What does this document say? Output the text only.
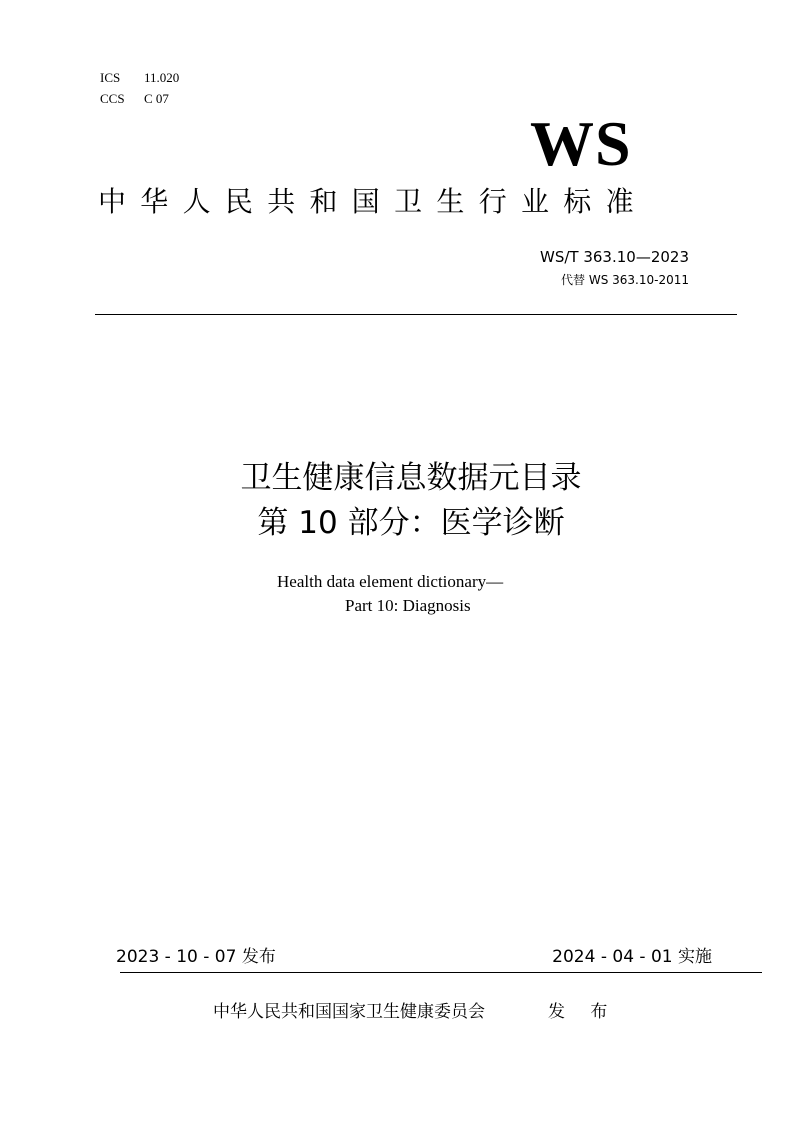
ICS 11.020
CCS C 07
WS
中华人民共和国卫生行业标准
WS/T 363.10—2023
代替 WS 363.10-2011
卫生健康信息数据元目录
第 10 部分：医学诊断
Health data element dictionary—
Part 10: Diagnosis
2023 - 10 - 07 发布	2024 - 04 - 01 实施
中华人民共和国国家卫生健康委员会	发 布
